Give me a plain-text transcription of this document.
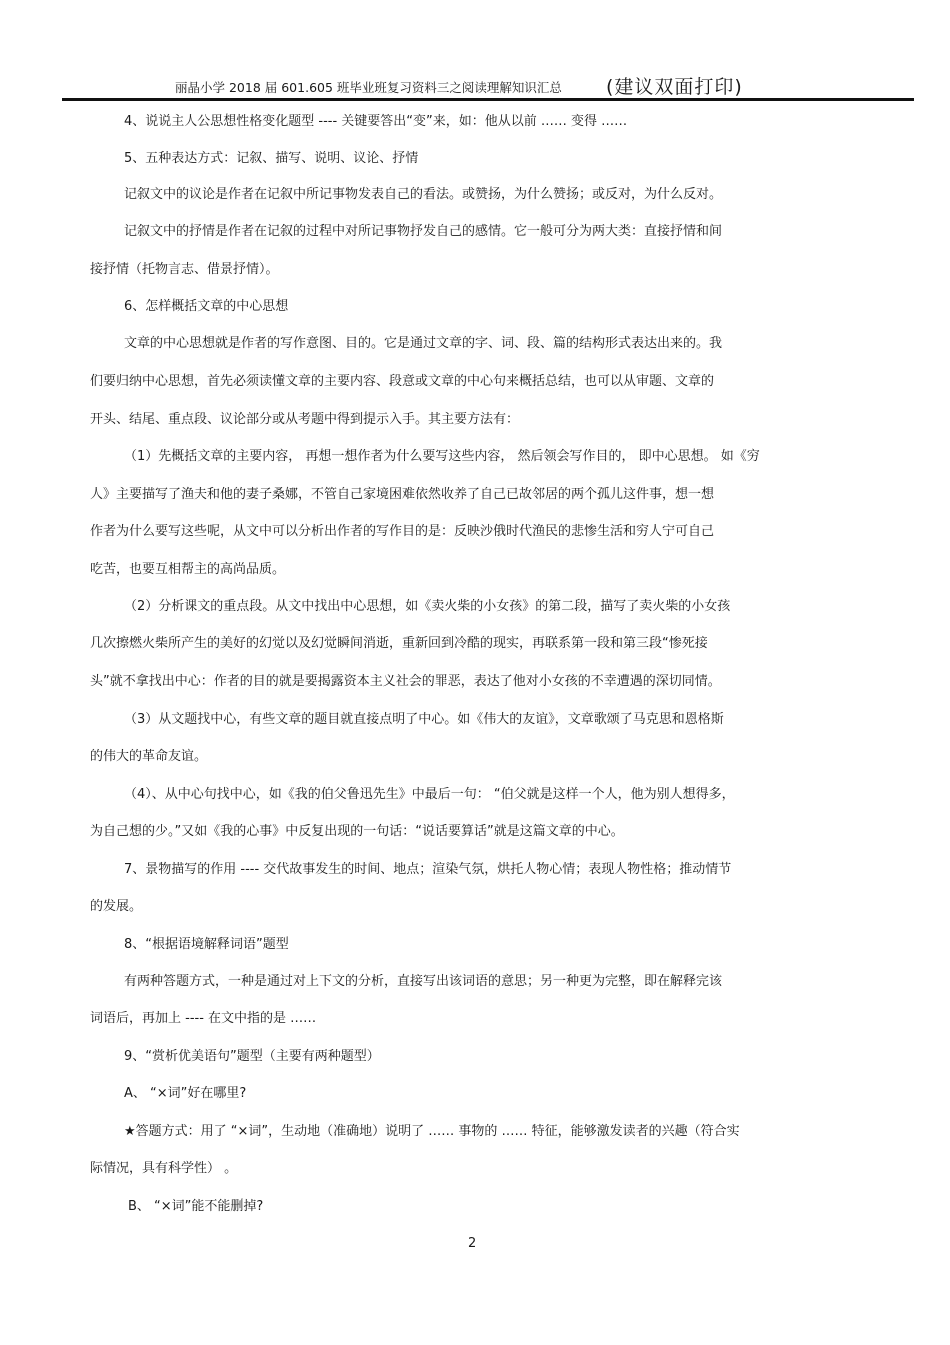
丽晶小学 2018 届 601.605 班毕业班复习资料三之阅读理解知识汇总 (建议双面打印)
4、说说主人公思想性格变化题型 ---- 关键要答出“变”来，如：他从以前 …… 变得 ……
5、五种表达方式：记叙、描写、说明、议论、抒情
记叙文中的议论是作者在记叙中所记事物发表自己的看法。或赞扬，为什么赞扬；或反对，为什么反对。
记叙文中的抒情是作者在记叙的过程中对所记事物抒发自己的感情。它一般可分为两大类：直接抒情和间
接抒情（托物言志、借景抒情）。
6、怎样概括文章的中心思想
文章的中心思想就是作者的写作意图、目的。它是通过文章的字、词、段、篇的结构形式表达出来的。我
们要归纳中心思想，首先必须读懂文章的主要内容、段意或文章的中心句来概括总结，也可以从审题、文章的
开头、结尾、重点段、议论部分或从考题中得到提示入手。其主要方法有：
（1）先概括文章的主要内容， 再想一想作者为什么要写这些内容， 然后领会写作目的， 即中心思想。 如《穷
人》主要描写了渔夫和他的妻子桑娜，不管自己家境困难依然收养了自己已故邻居的两个孤儿这件事，想一想
作者为什么要写这些呢，从文中可以分析出作者的写作目的是：反映沙俄时代渔民的悲惨生活和穷人宁可自己
吃苦，也要互相帮主的高尚品质。
（2）分析课文的重点段。从文中找出中心思想，如《卖火柴的小女孩》的第二段，描写了卖火柴的小女孩
几次擦燃火柴所产生的美好的幻觉以及幻觉瞬间消逝，重新回到冷酷的现实，再联系第一段和第三段“惨死接
头”就不拿找出中心：作者的目的就是要揭露资本主义社会的罪恶，表达了他对小女孩的不幸遭遇的深切同情。
（3）从文题找中心，有些文章的题目就直接点明了中心。如《伟大的友谊》，文章歌颂了马克思和恩格斯
的伟大的革命友谊。
（4）、从中心句找中心，如《我的伯父鲁迅先生》中最后一句： “伯父就是这样一个人，他为别人想得多，
为自己想的少。”又如《我的心事》中反复出现的一句话：“说话要算话”就是这篇文章的中心。
7、景物描写的作用 ---- 交代故事发生的时间、地点；渲染气氛，烘托人物心情；表现人物性格；推动情节
的发展。
8、“根据语境解释词语”题型
有两种答题方式，一种是通过对上下文的分析，直接写出该词语的意思；另一种更为完整，即在解释完该
词语后，再加上 ---- 在文中指的是 ……
9、“赏析优美语句”题型（主要有两种题型）
A、 “×词”好在哪里?
★答题方式：用了 “×词”，生动地（准确地）说明了 …… 事物的 …… 特征，能够激发读者的兴趣（符合实
际情况，具有科学性） 。
B、 “×词”能不能删掉?
2
